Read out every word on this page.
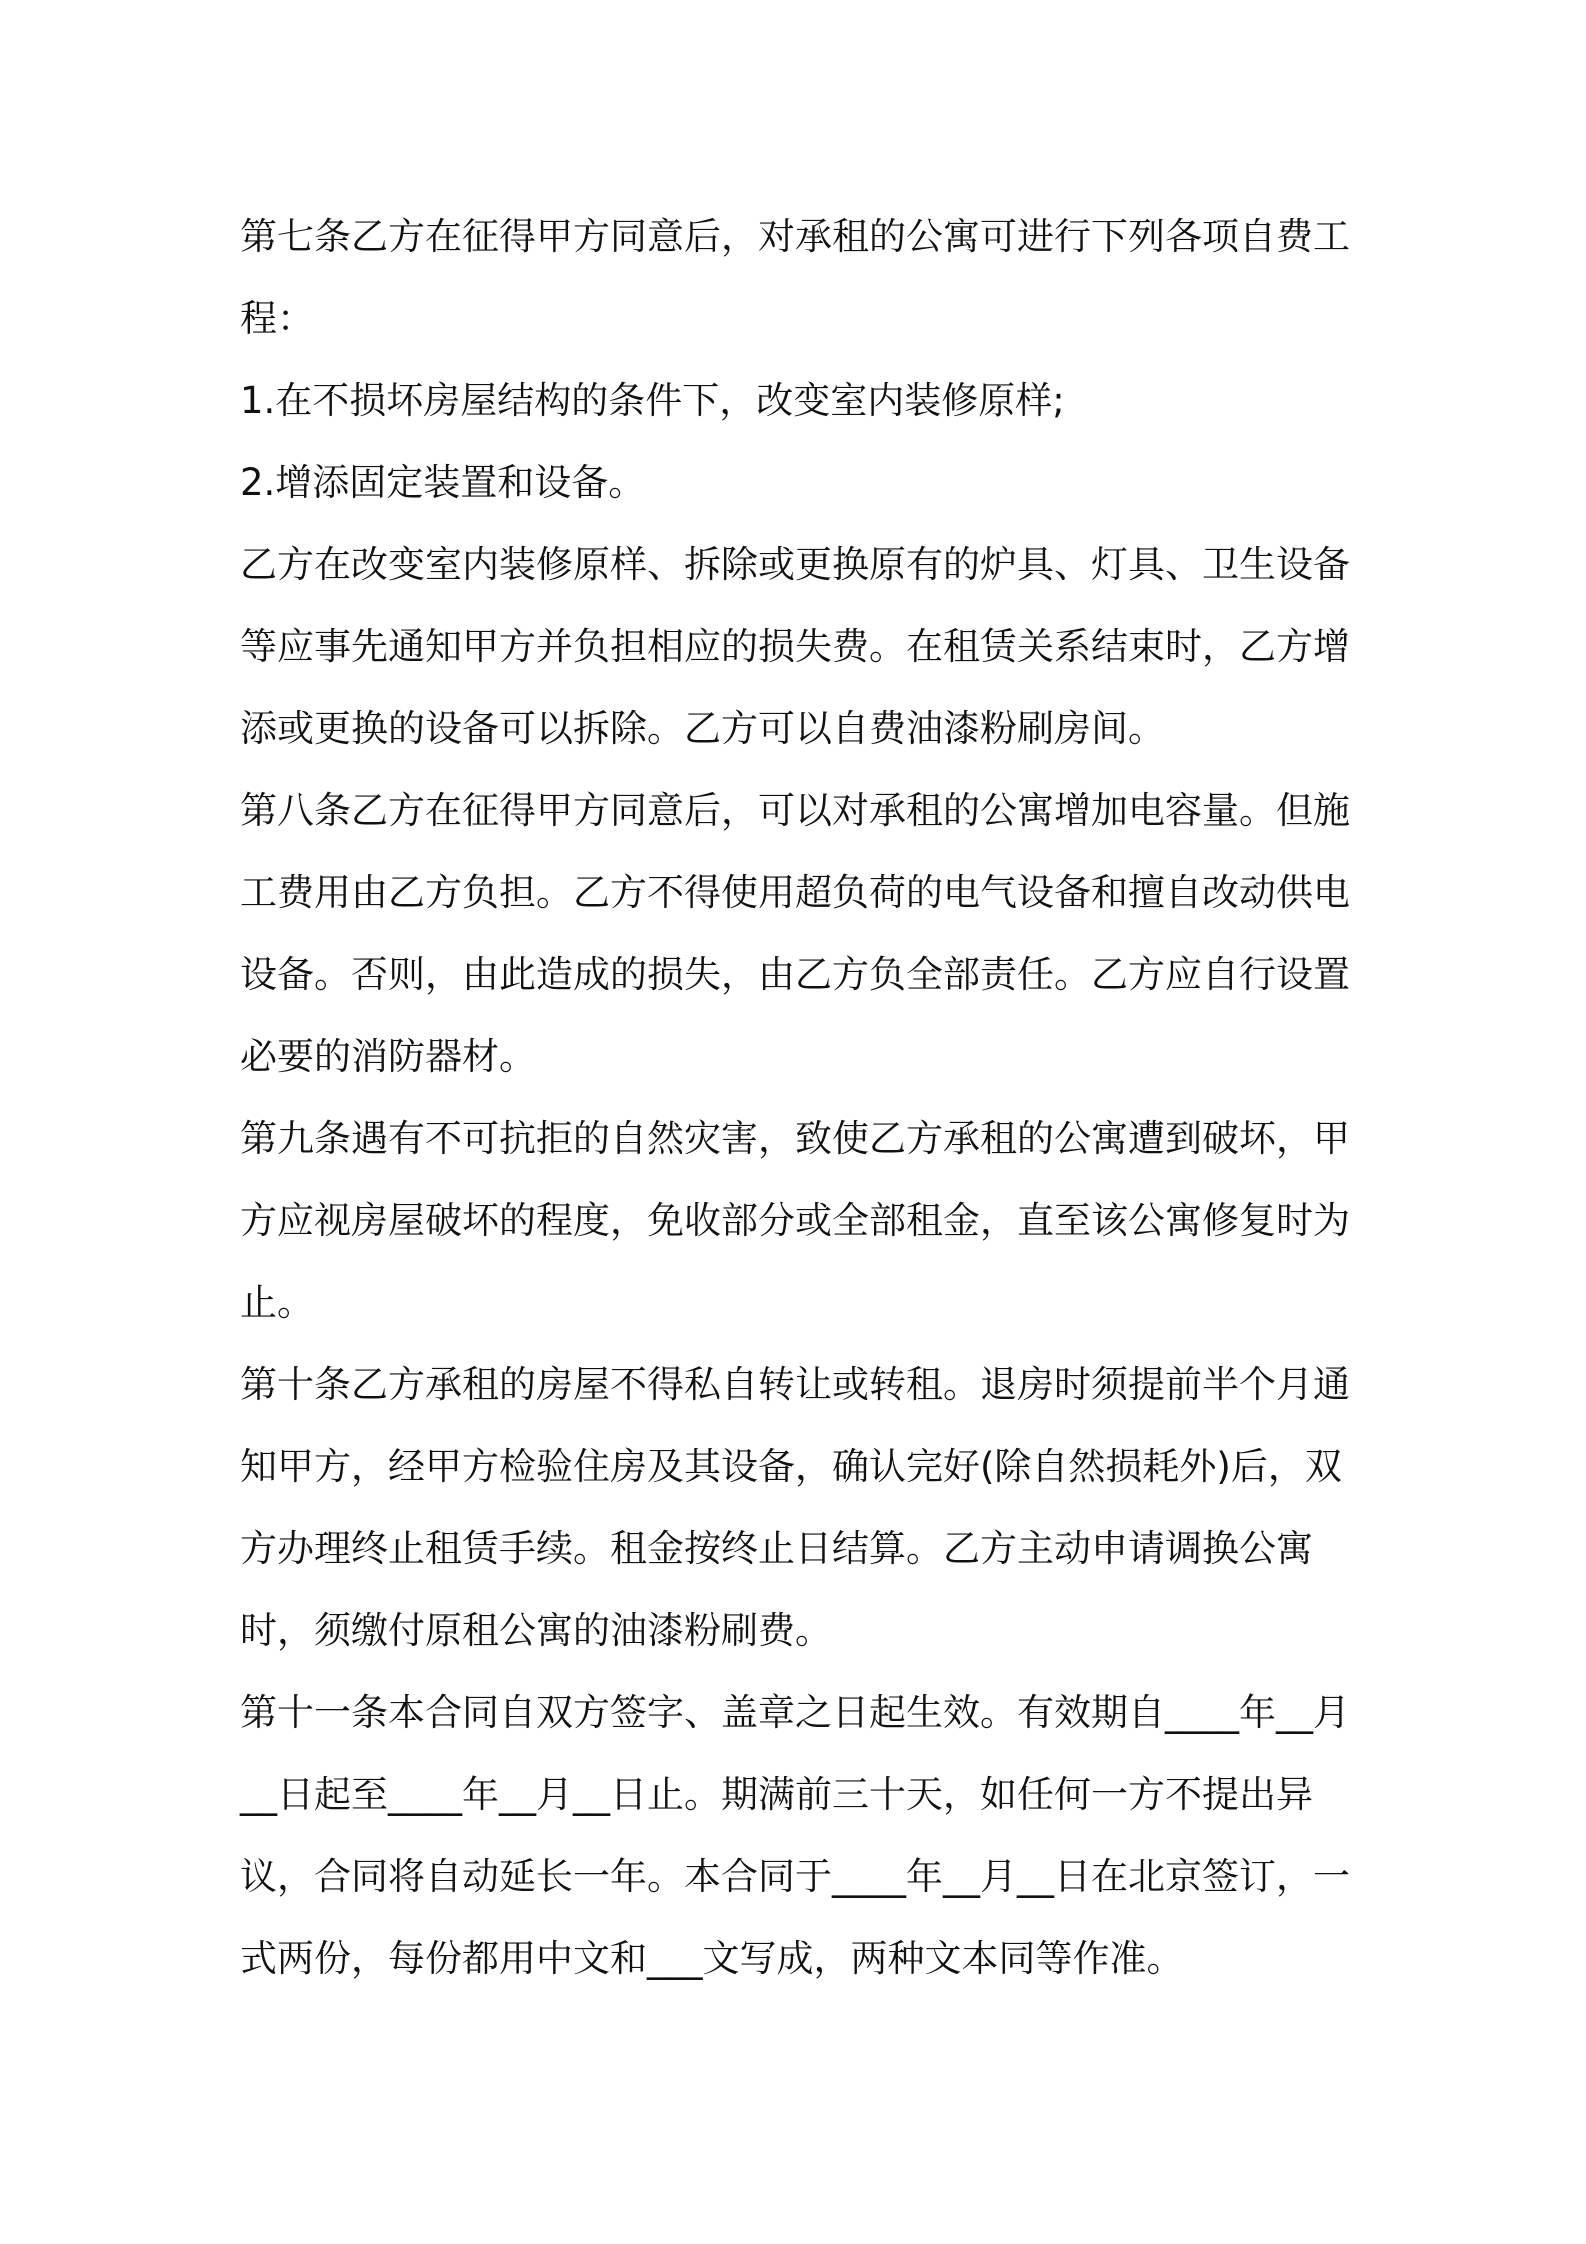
第七条乙方在征得甲方同意后，对承租的公寓可进行下列各项自费工程：

1.在不损坏房屋结构的条件下，改变室内装修原样;

2.增添固定装置和设备。

乙方在改变室内装修原样、拆除或更换原有的炉具、灯具、卫生设备等应事先通知甲方并负担相应的损失费。在租赁关系结束时，乙方增添或更换的设备可以拆除。乙方可以自费油漆粉刷房间。

第八条乙方在征得甲方同意后，可以对承租的公寓增加电容量。但施工费用由乙方负担。乙方不得使用超负荷的电气设备和擅自改动供电设备。否则，由此造成的损失，由乙方负全部责任。乙方应自行设置必要的消防器材。

第九条遇有不可抗拒的自然灾害，致使乙方承租的公寓遭到破坏，甲方应视房屋破坏的程度，免收部分或全部租金，直至该公寓修复时为止。

第十条乙方承租的房屋不得私自转让或转租。退房时须提前半个月通知甲方，经甲方检验住房及其设备，确认完好(除自然损耗外)后，双方办理终止租赁手续。租金按终止日结算。乙方主动申请调换公寓时，须缴付原租公寓的油漆粉刷费。

第十一条本合同自双方签字、盖章之日起生效。有效期自____年__月__日起至____年__月__日止。期满前三十天，如任何一方不提出异议，合同将自动延长一年。本合同于____年__月__日在北京签订，一式两份，每份都用中文和___文写成，两种文本同等作准。
